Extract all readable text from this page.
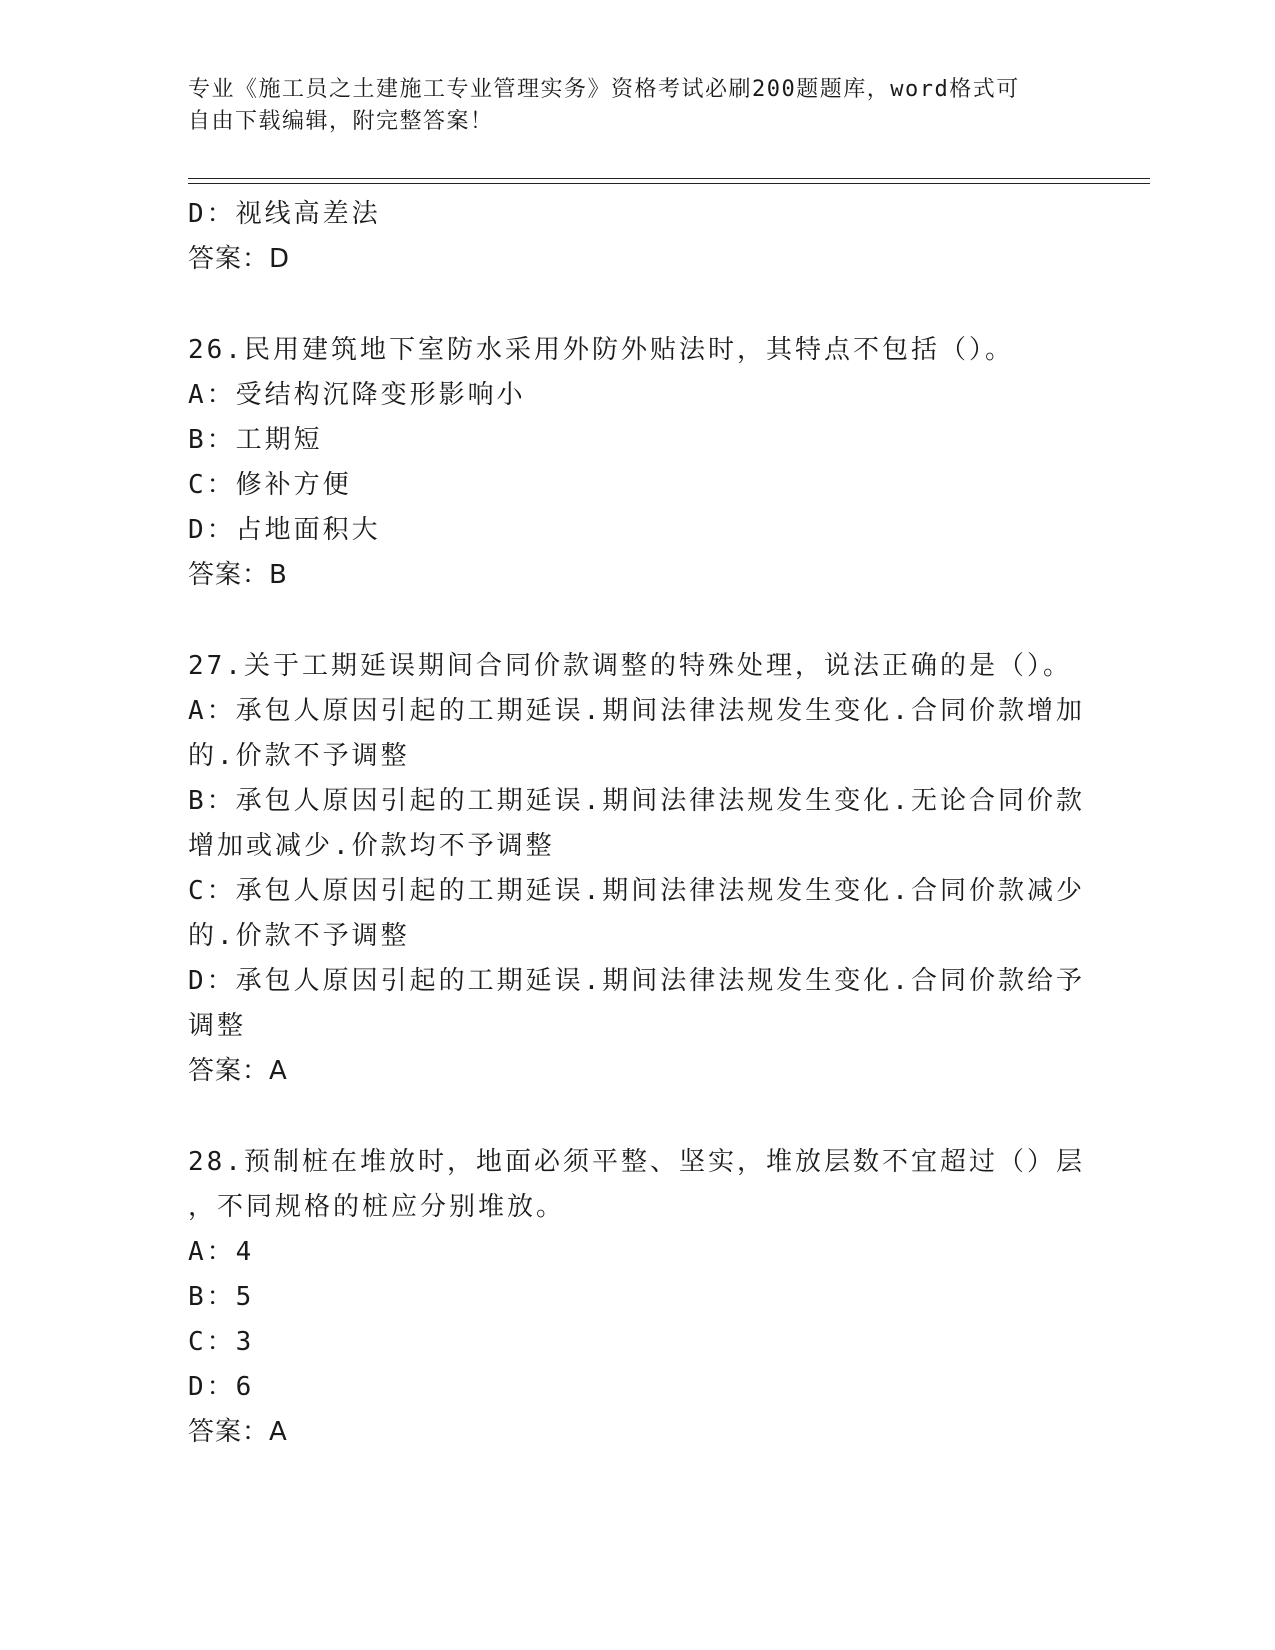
专业《施工员之土建施工专业管理实务》资格考试必刷200题题库，word格式可
自由下载编辑，附完整答案！
D：视线高差法
答案：D
26.民用建筑地下室防水采用外防外贴法时，其特点不包括（）。
A：受结构沉降变形影响小
B：工期短
C：修补方便
D：占地面积大
答案：B
27.关于工期延误期间合同价款调整的特殊处理，说法正确的是（）。
A：承包人原因引起的工期延误.期间法律法规发生变化.合同价款增加
的.价款不予调整
B：承包人原因引起的工期延误.期间法律法规发生变化.无论合同价款
增加或减少.价款均不予调整
C：承包人原因引起的工期延误.期间法律法规发生变化.合同价款减少
的.价款不予调整
D：承包人原因引起的工期延误.期间法律法规发生变化.合同价款给予
调整
答案：A
28.预制桩在堆放时，地面必须平整、坚实，堆放层数不宜超过（）层
，不同规格的桩应分别堆放。
A：4
B：5
C：3
D：6
答案：A
